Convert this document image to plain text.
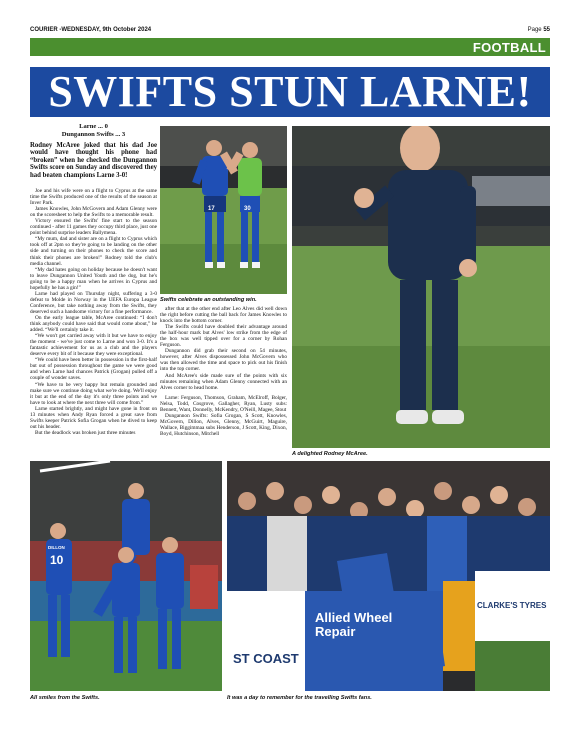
COURIER -WEDNESDAY, 9th October 2024	Page 55
FOOTBALL
SWIFTS STUN LARNE!
Larne ... 0
Dungannon Swifts ... 3
Rodney McAree joked that his dad Joe would have thought his phone had “broken” when he checked the Dungannon Swifts score on Sunday and discovered they had beaten champions Larne 3-0!

Joe and his wife were on a flight to Cyprus at the same time the Swifts produced one of the results of the season at Inver Park.

James Knowles, John McGovern and Adam Glenny were on the scoresheet to help the Swifts to a memorable result.

Victory ensured the Swifts' fine start to the season continued - after 11 games they occupy third place, just one point behind surprise leaders Ballymena.

“My mum, dad and sister are on a flight to Cyprus which took off at 2pm so they're going to be landing on the other side and turning on their phones to check the score and think their phones are broken!” Rodney told the club's media channel.

“My dad hates going on holiday because he doesn't want to leave Dungannon United Youth and the dog, but he's going to be a happy man when he arrives in Cyprus and hopefully he has a gin!”

Larne had played on Thursday night, suffering a 3-0 defeat to Molde in Norway in the UEFA Europa League Conference, but take nothing away from the Swifts, they deserved such a handsome victory for a fine performance.

On the early league table, McAree continued: “I don't think anybody could have said that would come about,” he added. “We'll certainly take it.

“We won't get carried away with it but we have to enjoy the moment - we've just come to Larne and won 3-0. It's a fantastic achievement for us as a club and the players deserve every bit of it because they were exceptional.

“We could have been better in possession in the first-half but out of possession throughout the game we were good and when Larne had chances Patrick (Grogan) pulled off a couple of wonder saves.

“We have to be very happy but remain grounded and make sure we continue doing what we're doing. We'll enjoy it but at the end of the day it's only three points and we have to look at where the next three will come from.”

Larne started brightly, and might have gone in front on 13 minutes when Andy Ryan forced a great save from Swifts keeper Patrick Sofia Grogan when he dived to keep out his header.

But the deadlock was broken just three minutes

17	30
Swifts celebrate an outstanding win.

after that at the other end after Leo Alves did well down the right before cutting the ball back for James Knowles to knock into the bottom corner.

The Swifts could have doubled their advantage around the half-hour mark but Alves' low strike from the edge of the box was well tipped over for a corner by Rohan Ferguson.

Dungannon did grab their second on 54 minutes, however, after Alves dispossessed John McGovern who was then allowed the time and space to pick out his finish into the top corner.

And McAree's side made sure of the points with six minutes remaining when Adam Glenny connected with an Alves corner to head home.

Larne: Ferguson, Thomson, Graham, McElroff, Bolger, Nelsa, Todd, Cosgrove, Gallagher, Ryan, Lusty subs: Bennett, Want, Donnelly, McKendry, O'Neill, Magee, Stout

Dungannon Swifts: Sofia Grogan, S Scott, Knowles, McGovern, Dillon, Alves, Glenny, McGuirt, Maguire, Wallace, Biggimmaa subs Henderson, J Scott, King, Dixon, Boyd, Hutchinson, Mitchell

A delighted Rodney McAree.
DILLON
10
All smiles from the Swifts.
ST COAST
Allied Wheel Repair
CLARKE'S TYRES
It was a day to remember for the travelling Swifts fans.
